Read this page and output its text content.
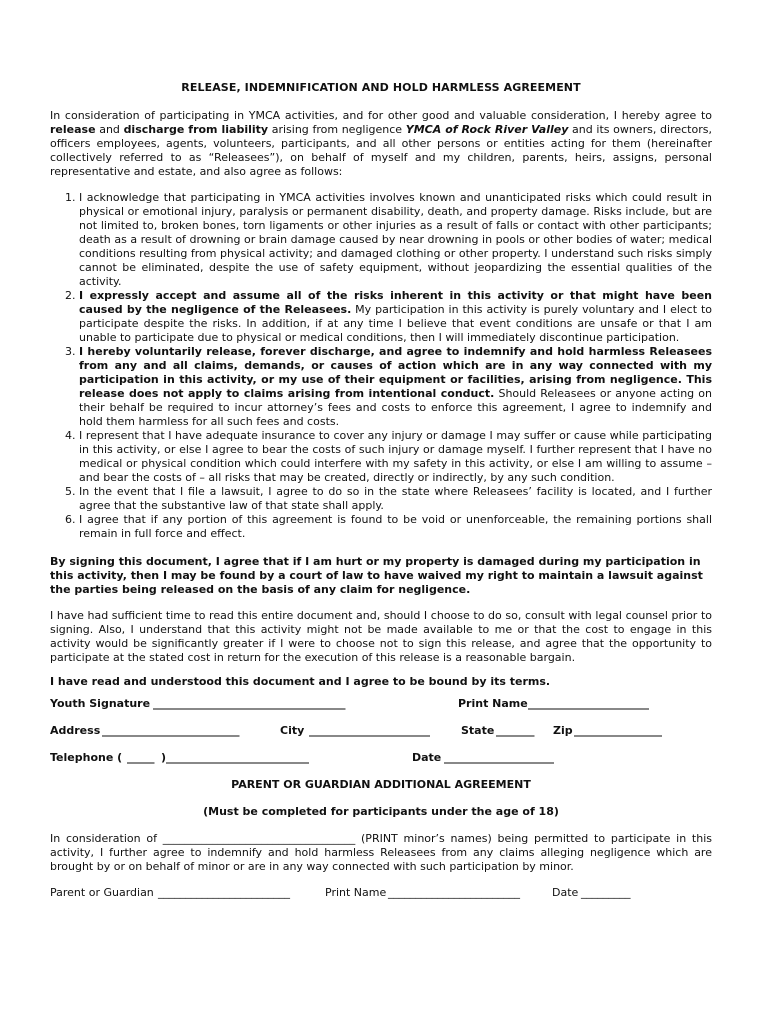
RELEASE, INDEMNIFICATION AND HOLD HARMLESS AGREEMENT

In consideration of participating in YMCA activities, and for other good and valuable consideration, I hereby agree to release and discharge from liability arising from negligence YMCA of Rock River Valley and its owners, directors, officers employees, agents, volunteers, participants, and all other persons or entities acting for them (hereinafter collectively referred to as “Releasees”), on behalf of myself and my children, parents, heirs, assigns, personal representative and estate, and also agree as follows:

1. I acknowledge that participating in YMCA activities involves known and unanticipated risks which could result in physical or emotional injury, paralysis or permanent disability, death, and property damage. Risks include, but are not limited to, broken bones, torn ligaments or other injuries as a result of falls or contact with other participants; death as a result of drowning or brain damage caused by near drowning in pools or other bodies of water; medical conditions resulting from physical activity; and damaged clothing or other property. I understand such risks simply cannot be eliminated, despite the use of safety equipment, without jeopardizing the essential qualities of the activity.
2. I expressly accept and assume all of the risks inherent in this activity or that might have been caused by the negligence of the Releasees. My participation in this activity is purely voluntary and I elect to participate despite the risks. In addition, if at any time I believe that event conditions are unsafe or that I am unable to participate due to physical or medical conditions, then I will immediately discontinue participation.
3. I hereby voluntarily release, forever discharge, and agree to indemnify and hold harmless Releasees from any and all claims, demands, or causes of action which are in any way connected with my participation in this activity, or my use of their equipment or facilities, arising from negligence. This release does not apply to claims arising from intentional conduct. Should Releasees or anyone acting on their behalf be required to incur attorney’s fees and costs to enforce this agreement, I agree to indemnify and hold them harmless for all such fees and costs.
4. I represent that I have adequate insurance to cover any injury or damage I may suffer or cause while participating in this activity, or else I agree to bear the costs of such injury or damage myself. I further represent that I have no medical or physical condition which could interfere with my safety in this activity, or else I am willing to assume – and bear the costs of – all risks that may be created, directly or indirectly, by any such condition.
5. In the event that I file a lawsuit, I agree to do so in the state where Releasees’ facility is located, and I further agree that the substantive law of that state shall apply.
6. I agree that if any portion of this agreement is found to be void or unenforceable, the remaining portions shall remain in full force and effect.

By signing this document, I agree that if I am hurt or my property is damaged during my participation in this activity, then I may be found by a court of law to have waived my right to maintain a lawsuit against the parties being released on the basis of any claim for negligence.

I have had sufficient time to read this entire document and, should I choose to do so, consult with legal counsel prior to signing. Also, I understand that this activity might not be made available to me or that the cost to engage in this activity would be significantly greater if I were to choose not to sign this release, and agree that the opportunity to participate at the stated cost in return for the execution of this release is a reasonable bargain.

I have read and understood this document and I agree to be bound by its terms.
Youth Signature ___________________________________	Print Name ______________________
Address _________________________	City ______________________	State _______ Zip ________________
Telephone ( _____ ) __________________________	Date ____________________
PARENT OR GUARDIAN ADDITIONAL AGREEMENT
(Must be completed for participants under the age of 18)

In consideration of ___________________________________ (PRINT minor’s names) being permitted to participate in this activity, I further agree to indemnify and hold harmless Releasees from any claims alleging negligence which are brought by or on behalf of minor or are in any way connected with such participation by minor.

Parent or Guardian ________________________	Print Name ________________________	Date _________
